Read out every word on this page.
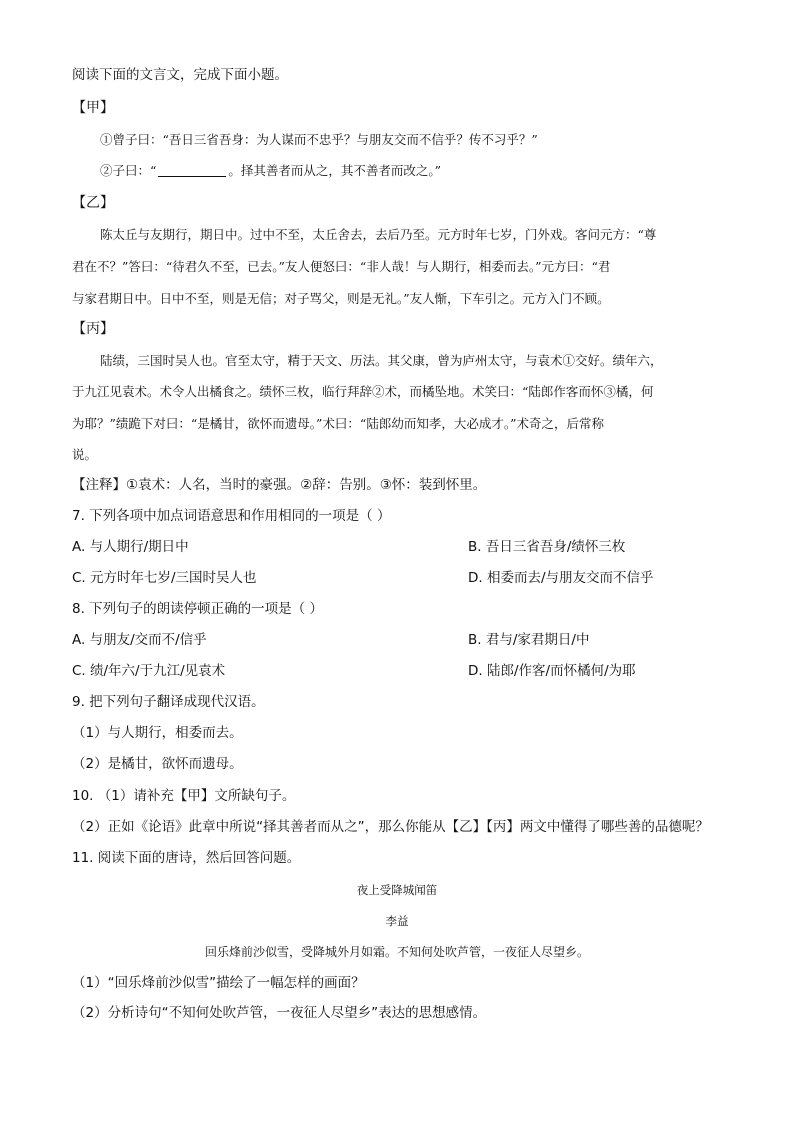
阅读下面的文言文，完成下面小题。
【甲】
①曾子曰：“吾日三省吾身：为人谋而不忠乎？与朋友交而不信乎？传不习乎？”
②子曰：“	。择其善者而从之，其不善者而改之。”
【乙】
陈太丘与友期行，期日中。过中不至，太丘舍去，去后乃至。元方时年七岁，门外戏。客问元方：“尊
君在不？”答曰：“待君久不至，已去。”友人便怒曰：“非人哉！与人期行，相委而去。”元方曰：“君
与家君期日中。日中不至，则是无信；对子骂父，则是无礼。”友人惭，下车引之。元方入门不顾。
【丙】
陆绩，三国时吴人也。官至太守，精于天文、历法。其父康，曾为庐州太守，与袁术①交好。绩年六，
于九江见袁术。术令人出橘食之。绩怀三枚，临行拜辞②术，而橘坠地。术笑曰：“陆郎作客而怀③橘，何
为耶？”绩跪下对曰：“是橘甘，欲怀而遗母。”术曰：“陆郎幼而知孝，大必成才。”术奇之，后常称
说。
【注释】①袁术：人名，当时的豪强。②辞：告别。③怀：装到怀里。
7. 下列各项中加点词语意思和作用相同的一项是（ ）
A. 与人期行/期日中	B. 吾日三省吾身/绩怀三枚
C. 元方时年七岁/三国时吴人也	D. 相委而去/与朋友交而不信乎
8. 下列句子的朗读停顿正确的一项是（ ）
A. 与朋友/交而不/信乎	B. 君与/家君期日/中
C. 绩/年六/于九江/见袁术	D. 陆郎/作客/而怀橘何/为耶
9. 把下列句子翻译成现代汉语。
（1）与人期行，相委而去。
（2）是橘甘，欲怀而遗母。
10. （1）请补充【甲】文所缺句子。
（2）正如《论语》此章中所说“择其善者而从之”，那么你能从【乙】【丙】两文中懂得了哪些善的品德呢？
11. 阅读下面的唐诗，然后回答问题。
夜上受降城闻笛
李益
回乐烽前沙似雪，受降城外月如霜。不知何处吹芦管，一夜征人尽望乡。
（1）“回乐烽前沙似雪”描绘了一幅怎样的画面？
（2）分析诗句“不知何处吹芦管，一夜征人尽望乡”表达的思想感情。
